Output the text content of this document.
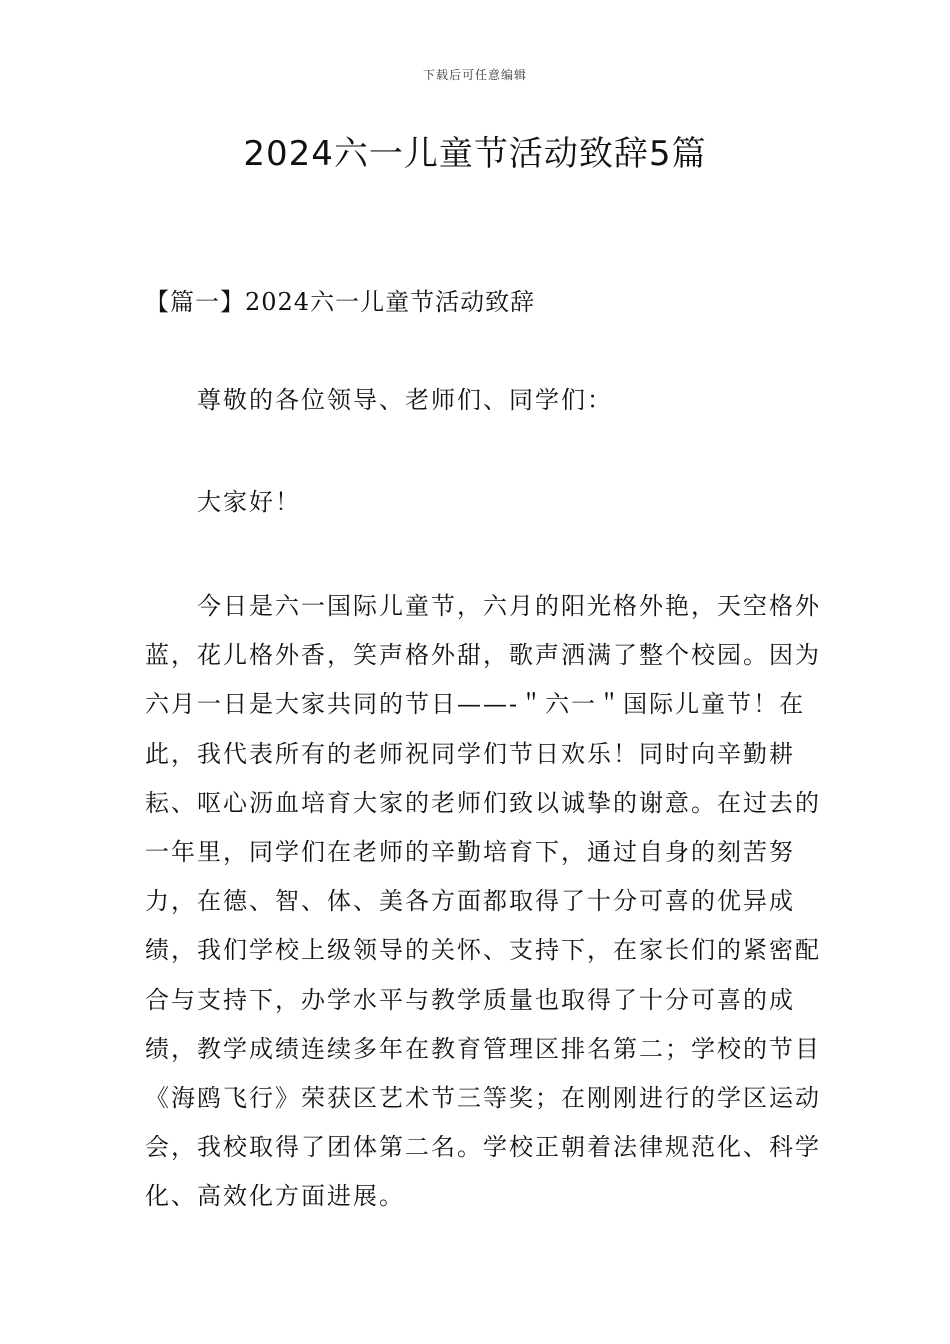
下载后可任意编辑
2024六一儿童节活动致辞5篇
【篇一】2024六一儿童节活动致辞

尊敬的各位领导、老师们、同学们：

大家好！

今日是六一国际儿童节，六月的阳光格外艳，天空格外蓝，花儿格外香，笑声格外甜，歌声洒满了整个校园。因为六月一日是大家共同的节日——-＂六一＂国际儿童节！在此，我代表所有的老师祝同学们节日欢乐！同时向辛勤耕耘、呕心沥血培育大家的老师们致以诚挚的谢意。在过去的一年里，同学们在老师的辛勤培育下，通过自身的刻苦努力，在德、智、体、美各方面都取得了十分可喜的优异成绩，我们学校上级领导的关怀、支持下，在家长们的紧密配合与支持下，办学水平与教学质量也取得了十分可喜的成绩，教学成绩连续多年在教育管理区排名第二；学校的节目《海鸥飞行》荣获区艺术节三等奖；在刚刚进行的学区运动会，我校取得了团体第二名。学校正朝着法律规范化、科学化、高效化方面进展。
